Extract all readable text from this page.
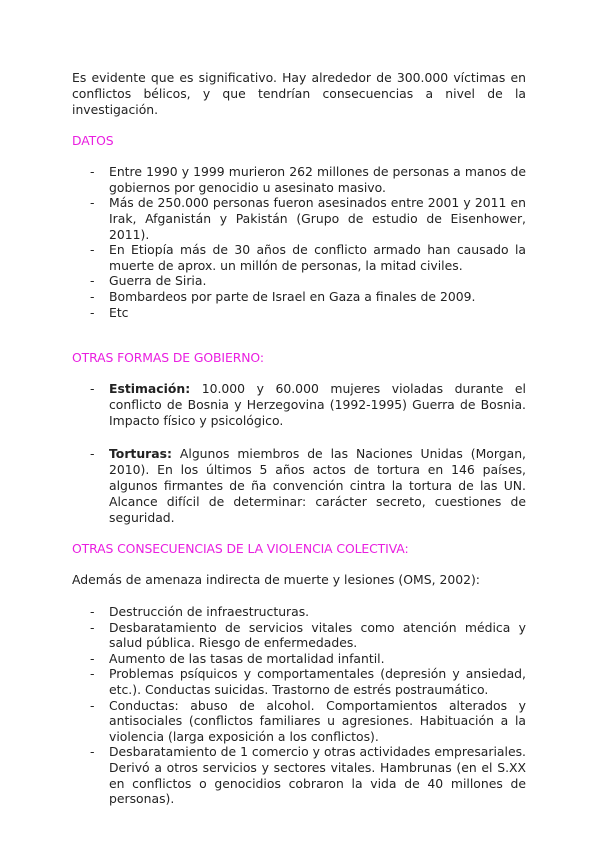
Es evidente que es significativo. Hay alrededor de 300.000 víctimas en conflictos bélicos, y que tendrían consecuencias a nivel de la investigación.

DATOS
- Entre 1990 y 1999 murieron 262 millones de personas a manos de gobiernos por genocidio u asesinato masivo.
- Más de 250.000 personas fueron asesinados entre 2001 y 2011 en Irak, Afganistán y Pakistán (Grupo de estudio de Eisenhower, 2011).
- En Etiopía más de 30 años de conflicto armado han causado la muerte de aprox. un millón de personas, la mitad civiles.
- Guerra de Siria.
- Bombardeos por parte de Israel en Gaza a finales de 2009.
- Etc
OTRAS FORMAS DE GOBIERNO:
- Estimación: 10.000 y 60.000 mujeres violadas durante el conflicto de Bosnia y Herzegovina (1992-1995) Guerra de Bosnia. Impacto físico y psicológico.
- Torturas: Algunos miembros de las Naciones Unidas (Morgan, 2010). En los últimos 5 años actos de tortura en 146 países, algunos firmantes de ña convención cintra la tortura de las UN. Alcance difícil de determinar: carácter secreto, cuestiones de seguridad.
OTRAS CONSECUENCIAS DE LA VIOLENCIA COLECTIVA:

Además de amenaza indirecta de muerte y lesiones (OMS, 2002):

- Destrucción de infraestructuras.
- Desbaratamiento de servicios vitales como atención médica y salud pública. Riesgo de enfermedades.
- Aumento de las tasas de mortalidad infantil.
- Problemas psíquicos y comportamentales (depresión y ansiedad, etc.). Conductas suicidas. Trastorno de estrés postraumático.
- Conductas: abuso de alcohol. Comportamientos alterados y antisociales (conflictos familiares u agresiones. Habituación a la violencia (larga exposición a los conflictos).
- Desbaratamiento de 1 comercio y otras actividades empresariales. Derivó a otros servicios y sectores vitales. Hambrunas (en el S.XX en conflictos o genocidios cobraron la vida de 40 millones de personas).
